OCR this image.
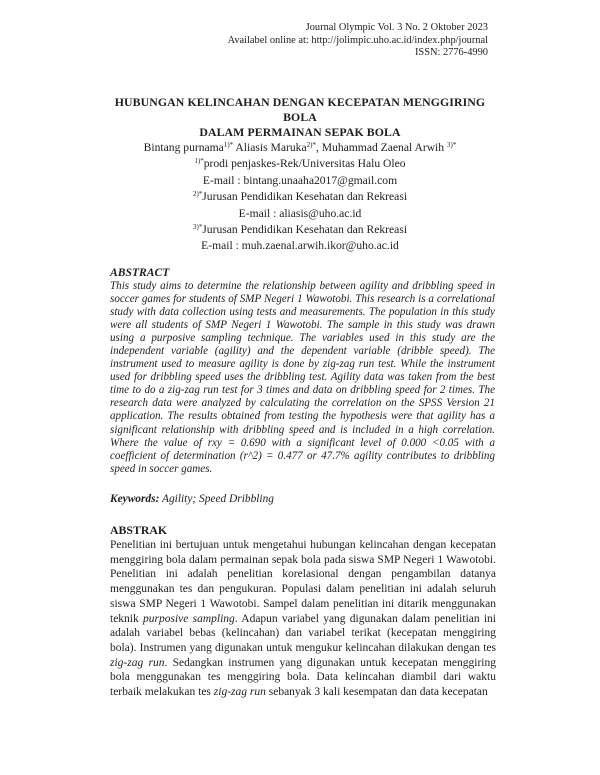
Journal Olympic Vol. 3 No. 2 Oktober 2023
Availabel online at: http://jolimpic.uho.ac.id/index.php/journal
ISSN: 2776-4990
HUBUNGAN KELINCAHAN DENGAN KECEPATAN MENGGIRING BOLA
DALAM PERMAINAN SEPAK BOLA
Bintang purnama$^{1)*}$ Aliasis Maruka$^{2)*}$, Muhammad Zaenal Arwih $^{3)*}$
$^{1)*}$prodi penjaskes-Rek/Universitas Halu Oleo
E-mail : bintang.unaaha2017@gmail.com
$^{2)*}$Jurusan Pendidikan Kesehatan dan Rekreasi
E-mail : aliasis@uho.ac.id
$^{3)*}$Jurusan Pendidikan Kesehatan dan Rekreasi
E-mail : muh.zaenal.arwih.ikor@uho.ac.id
ABSTRACT
This study aims to determine the relationship between agility and dribbling speed in soccer games for students of SMP Negeri 1 Wawotobi. This research is a correlational study with data collection using tests and measurements. The population in this study were all students of SMP Negeri 1 Wawotobi. The sample in this study was drawn using a purposive sampling technique. The variables used in this study are the independent variable (agility) and the dependent variable (dribble speed). The instrument used to measure agility is done by zig-zag run test. While the instrument used for dribbling speed uses the dribbling test. Agility data was taken from the best time to do a zig-zag run test for 3 times and data on dribbling speed for 2 times. The research data were analyzed by calculating the correlation on the SPSS Version 21 application. The results obtained from testing the hypothesis were that agility has a significant relationship with dribbling speed and is included in a high correlation. Where the value of rxy = 0.690 with a significant level of 0.000 <0.05 with a coefficient of determination (r^2) = 0.477 or 47.7% agility contributes to dribbling speed in soccer games.
Keywords: Agility; Speed Dribbling
ABSTRAK
Penelitian ini bertujuan untuk mengetahui hubungan kelincahan dengan kecepatan menggiring bola dalam permainan sepak bola pada siswa SMP Negeri 1 Wawotobi. Penelitian ini adalah penelitian korelasional dengan pengambilan datanya menggunakan tes dan pengukuran. Populasi dalam penelitian ini adalah seluruh siswa SMP Negeri 1 Wawotobi. Sampel dalam penelitian ini ditarik menggunakan teknik purposive sampling. Adapun variabel yang digunakan dalam penelitian ini adalah variabel bebas (kelincahan) dan variabel terikat (kecepatan menggiring bola). Instrumen yang digunakan untuk mengukur kelincahan dilakukan dengan tes zig-zag run. Sedangkan instrumen yang digunakan untuk kecepatan menggiring bola menggunakan tes menggiring bola. Data kelincahan diambil dari waktu terbaik melakukan tes zig-zag run sebanyak 3 kali kesempatan dan data kecepatan
